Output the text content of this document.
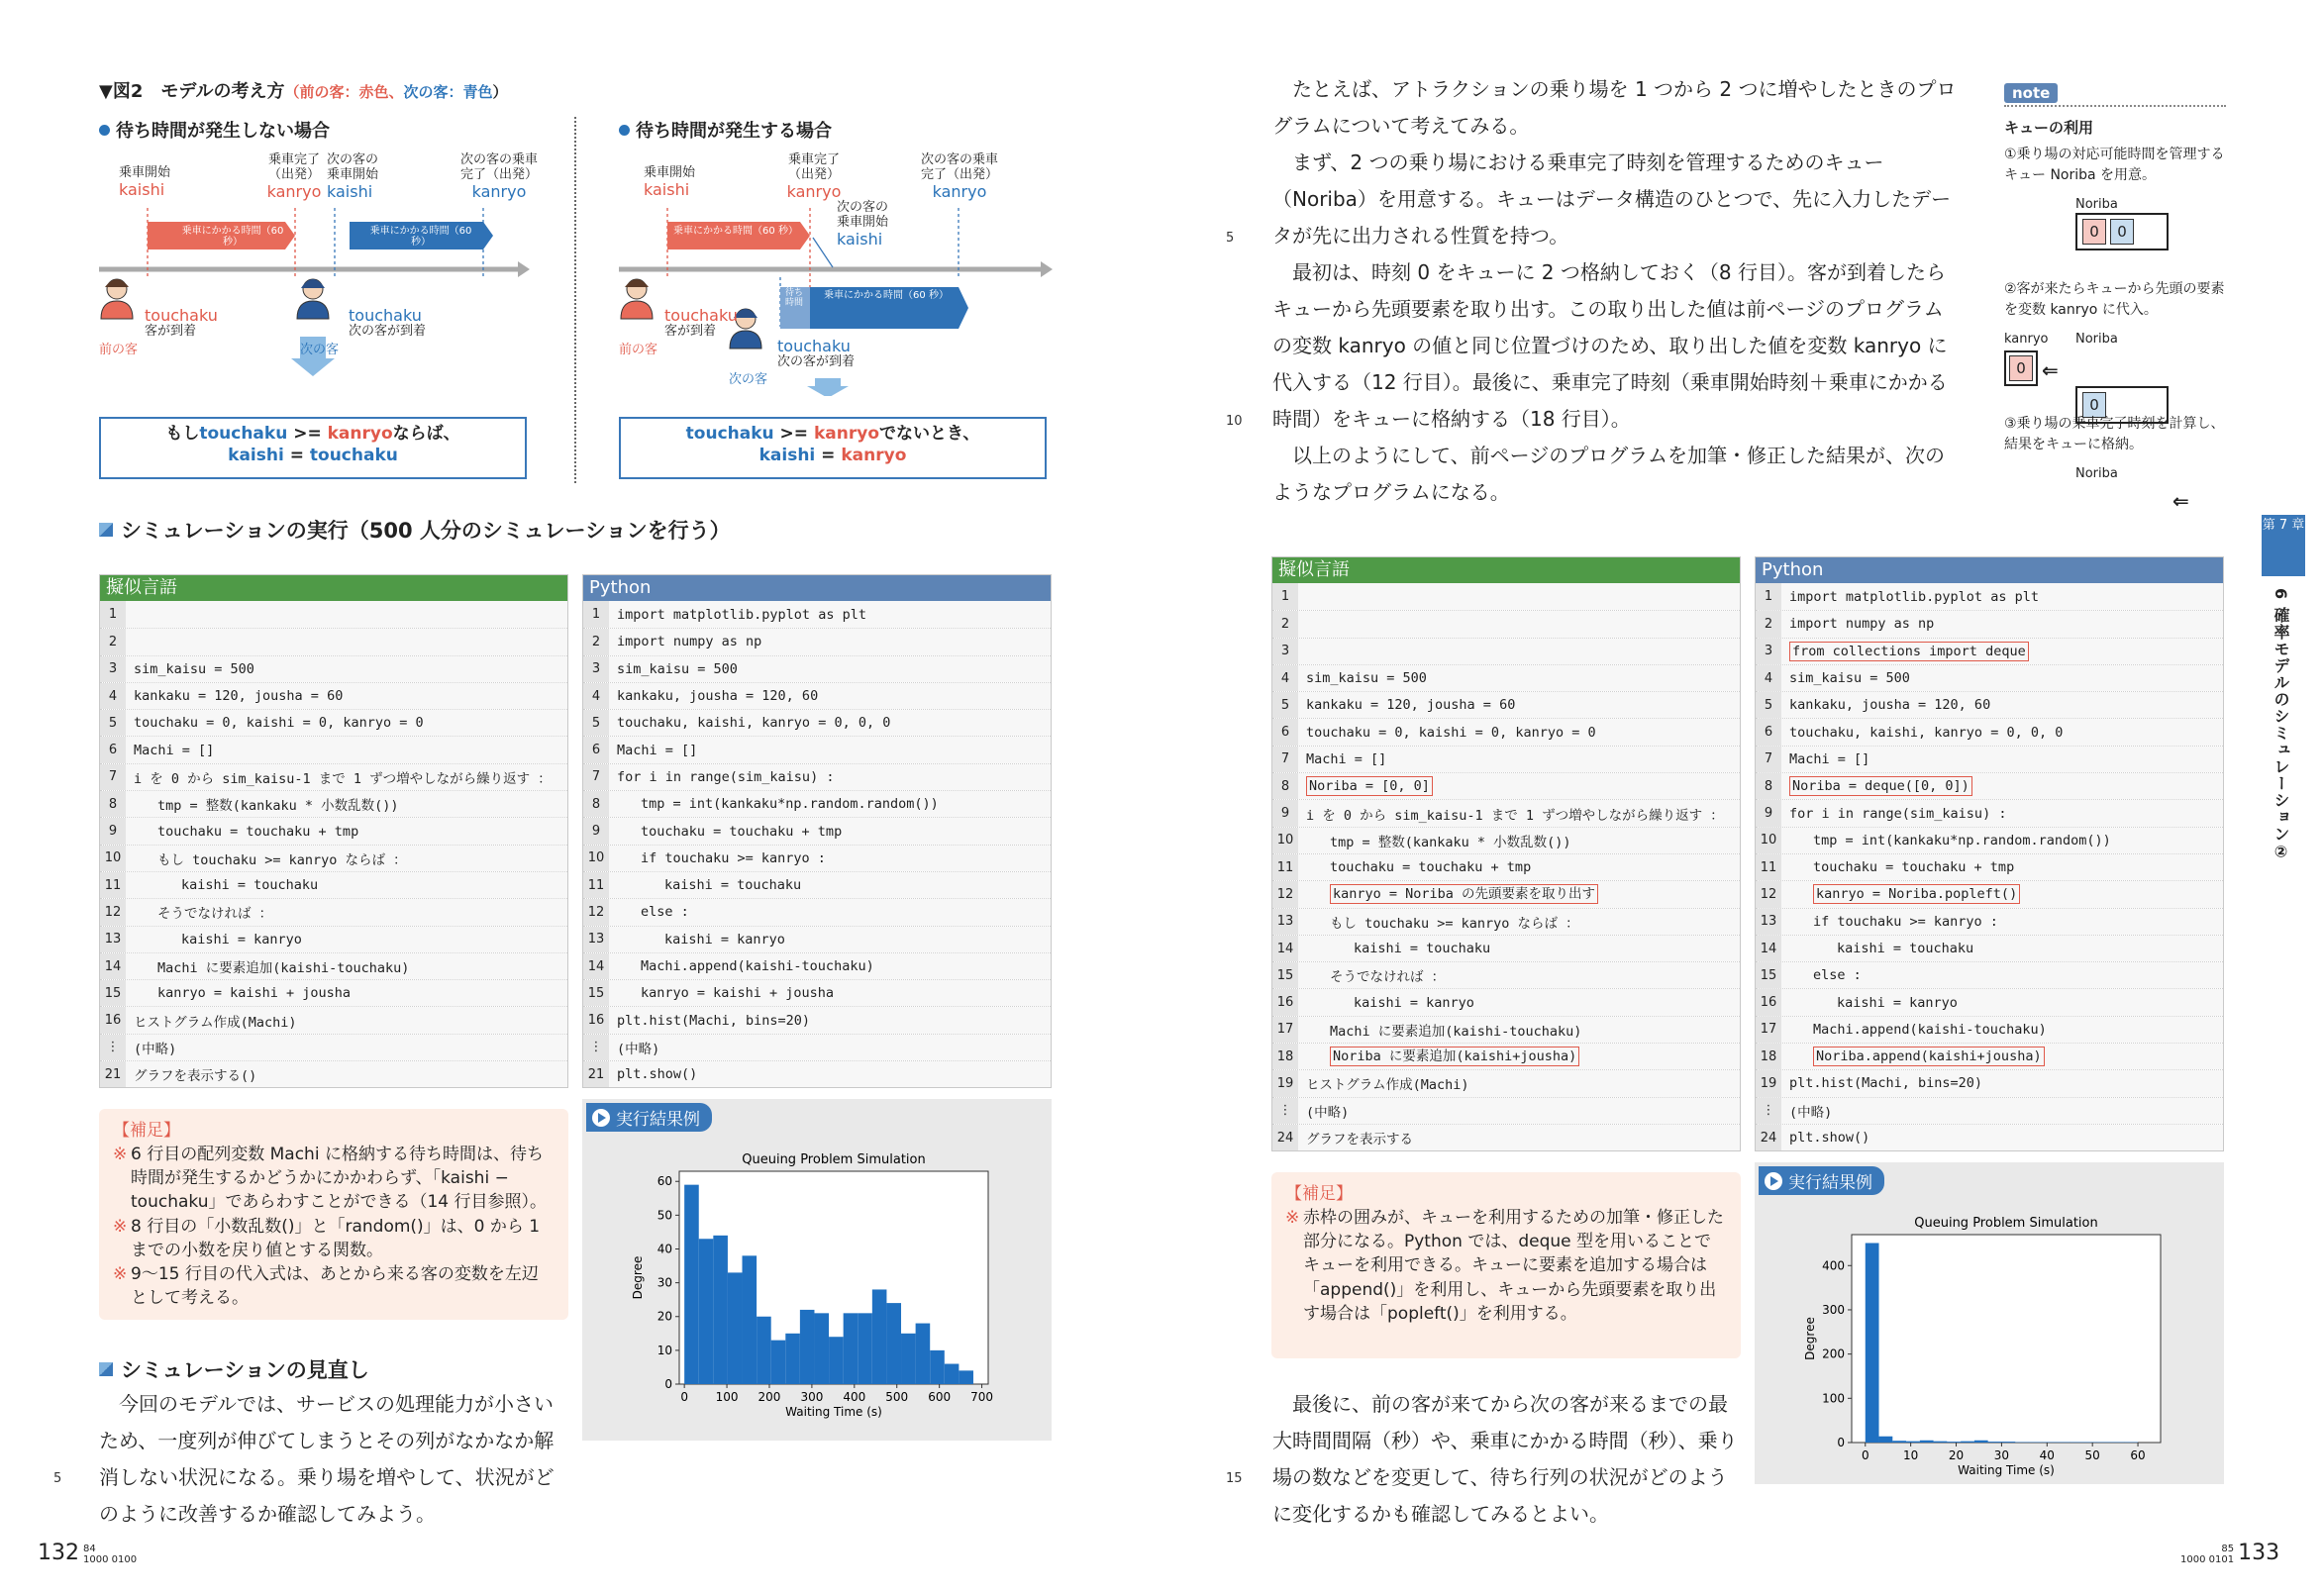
▼図2　モデルの考え方（前の客：赤色、次の客：青色）
待ち時間が発生しない場合
乗車開始
kaishi
乗車完了（出発）
kanryo
次の客の乗車開始
kaishi
次の客の乗車完了（出発）
kanryo
乗車にかかる時間（60 秒）
乗車にかかる時間（60 秒）
touchaku
客が到着
前の客
touchaku
次の客が到着
次の客
もしtouchaku >= kanryoならば、
kaishi = touchaku
待ち時間が発生する場合
乗車開始
kaishi
乗車完了（出発）
kanryo
次の客の乗車完了（出発）
kanryo
次の客の乗車開始
kaishi
乗車にかかる時間（60 秒）
待ち時間
乗車にかかる時間（60 秒）
touchaku
客が到着
前の客	touchaku
次の客が到着
次の客
touchaku >= kanryoでないとき、
kaishi = kanryo
シミュレーションの実行（500 人分のシミュレーションを行う）
擬似言語
1
2
3	sim_kaisu = 500
4	kankaku = 120, jousha = 60
5	touchaku = 0, kaishi = 0, kanryo = 0
6	Machi = []
7	i を 0 から sim_kaisu-1 まで 1 ずつ増やしながら繰り返す ：
8	tmp = 整数(kankaku * 小数乱数())
9	touchaku = touchaku + tmp
10	もし touchaku >= kanryo ならば ：
11	kaishi = touchaku
12	そうでなければ ：
13	kaishi = kanryo
14	Machi に要素追加(kaishi-touchaku)
15	kanryo = kaishi + jousha
16 ヒストグラム作成(Machi)
⋮	(中略)
21 グラフを表示する()
Python
1	import matplotlib.pyplot as plt
2	import numpy as np
3	sim_kaisu = 500
4	kankaku, jousha = 120, 60
5	touchaku, kaishi, kanryo = 0, 0, 0
6	Machi = []
7	for i in range(sim_kaisu) :
8	tmp = int(kankaku*np.random.random())
9	touchaku = touchaku + tmp
10	if touchaku >= kanryo :
11	kaishi = touchaku
12	else :
13	kaishi = kanryo
14	Machi.append(kaishi-touchaku)
15	kanryo = kaishi + jousha
16 plt.hist(Machi, bins=20)
⋮	(中略)
21 plt.show()
【補足】
※ 6 行目の配列変数 Machi に格納する待ち時間は、待ち時間が発生するかどうかにかかわらず、「kaishi − touchaku」であらわすことができる（14 行目参照）。
※ 8 行目の「小数乱数()」と「random()」は、0 から 1 までの小数を戻り値とする関数。
※ 9〜15 行目の代入式は、あとから来る客の変数を左辺として考える。
実行結果例
Queuing Problem Simulation
0 100 200 300 400 500 600 700
0
10
20
30
40
50
60
Waiting Time (s)
Degree
シミュレーションの見直し
今回のモデルでは、サービスの処理能力が小さいため、一度列が伸びてしまうとその列がなかなか解消しない状況になる。乗り場を増やして、状況がどのように改善するか確認してみよう。
5
132 84
1000 0100
たとえば、アトラクションの乗り場を 1 つから 2 つに増やしたときのプログラムについて考えてみる。
まず、2 つの乗り場における乗車完了時刻を管理するためのキュー（Noriba）を用意する。キューはデータ構造のひとつで、先に入力したデータが先に出力される性質を持つ。
最初は、時刻 0 をキューに 2 つ格納しておく（8 行目）。客が到着したらキューから先頭要素を取り出す。この取り出した値は前ページのプログラムの変数 kanryo の値と同じ位置づけのため、取り出した値を変数 kanryo に代入する（12 行目）。最後に、乗車完了時刻（乗車開始時刻＋乗車にかかる時間）をキューに格納する（18 行目）。
以上のようにして、前ページのプログラムを加筆・修正した結果が、次のようなプログラムになる。
5
10
15
note
キューの利用
①乗り場の対応可能時間を管理するキュー Noriba を用意。
Noriba
0	0
②客が来たらキューから先頭の要素を変数 kanryo に代入。
kanryo Noriba
0 ⇐
0
③乗り場の乗車完了時刻を計算し、結果をキューに格納。
Noriba
⇐
第 7 章
6 確率モデルのシミュレーション②
擬似言語
1
2
3
4	sim_kaisu = 500
5	kankaku = 120, jousha = 60
6	touchaku = 0, kaishi = 0, kanryo = 0
7	Machi = []
8	Noriba = [0, 0]
9	i を 0 から sim_kaisu-1 まで 1 ずつ増やしながら繰り返す ：
10	tmp = 整数(kankaku * 小数乱数())
11	touchaku = touchaku + tmp
12	kanryo = Noriba の先頭要素を取り出す
13	もし touchaku >= kanryo ならば ：
14	kaishi = touchaku
15	そうでなければ ：
16	kaishi = kanryo
17	Machi に要素追加(kaishi-touchaku)
18	Noriba に要素追加(kaishi+jousha)
19 ヒストグラム作成(Machi)
⋮	(中略)
24 グラフを表示する
Python
1	import matplotlib.pyplot as plt
2	import numpy as np
3	from collections import deque
4	sim_kaisu = 500
5	kankaku, jousha = 120, 60
6	touchaku, kaishi, kanryo = 0, 0, 0
7	Machi = []
8	Noriba = deque([0, 0])
9	for i in range(sim_kaisu) :
10	tmp = int(kankaku*np.random.random())
11	touchaku = touchaku + tmp
12	kanryo = Noriba.popleft()
13	if touchaku >= kanryo :
14	kaishi = touchaku
15	else :
16	kaishi = kanryo
17	Machi.append(kaishi-touchaku)
18	Noriba.append(kaishi+jousha)
19 plt.hist(Machi, bins=20)
⋮	(中略)
24 plt.show()
【補足】
※ 赤枠の囲みが、キューを利用するための加筆・修正した部分になる。Python では、deque 型を用いることでキューを利用できる。キューに要素を追加する場合は「append()」を利用し、キューから先頭要素を取り出す場合は「popleft()」を利用する。
実行結果例
Queuing Problem Simulation
0	10	20	30	40	50	60
0
100
200
300
400
Waiting Time (s)
Degree
最後に、前の客が来てから次の客が来るまでの最大時間間隔（秒）や、乗車にかかる時間（秒）、乗り場の数などを変更して、待ち行列の状況がどのように変化するかも確認してみるとよい。
85
1000 0101 133
